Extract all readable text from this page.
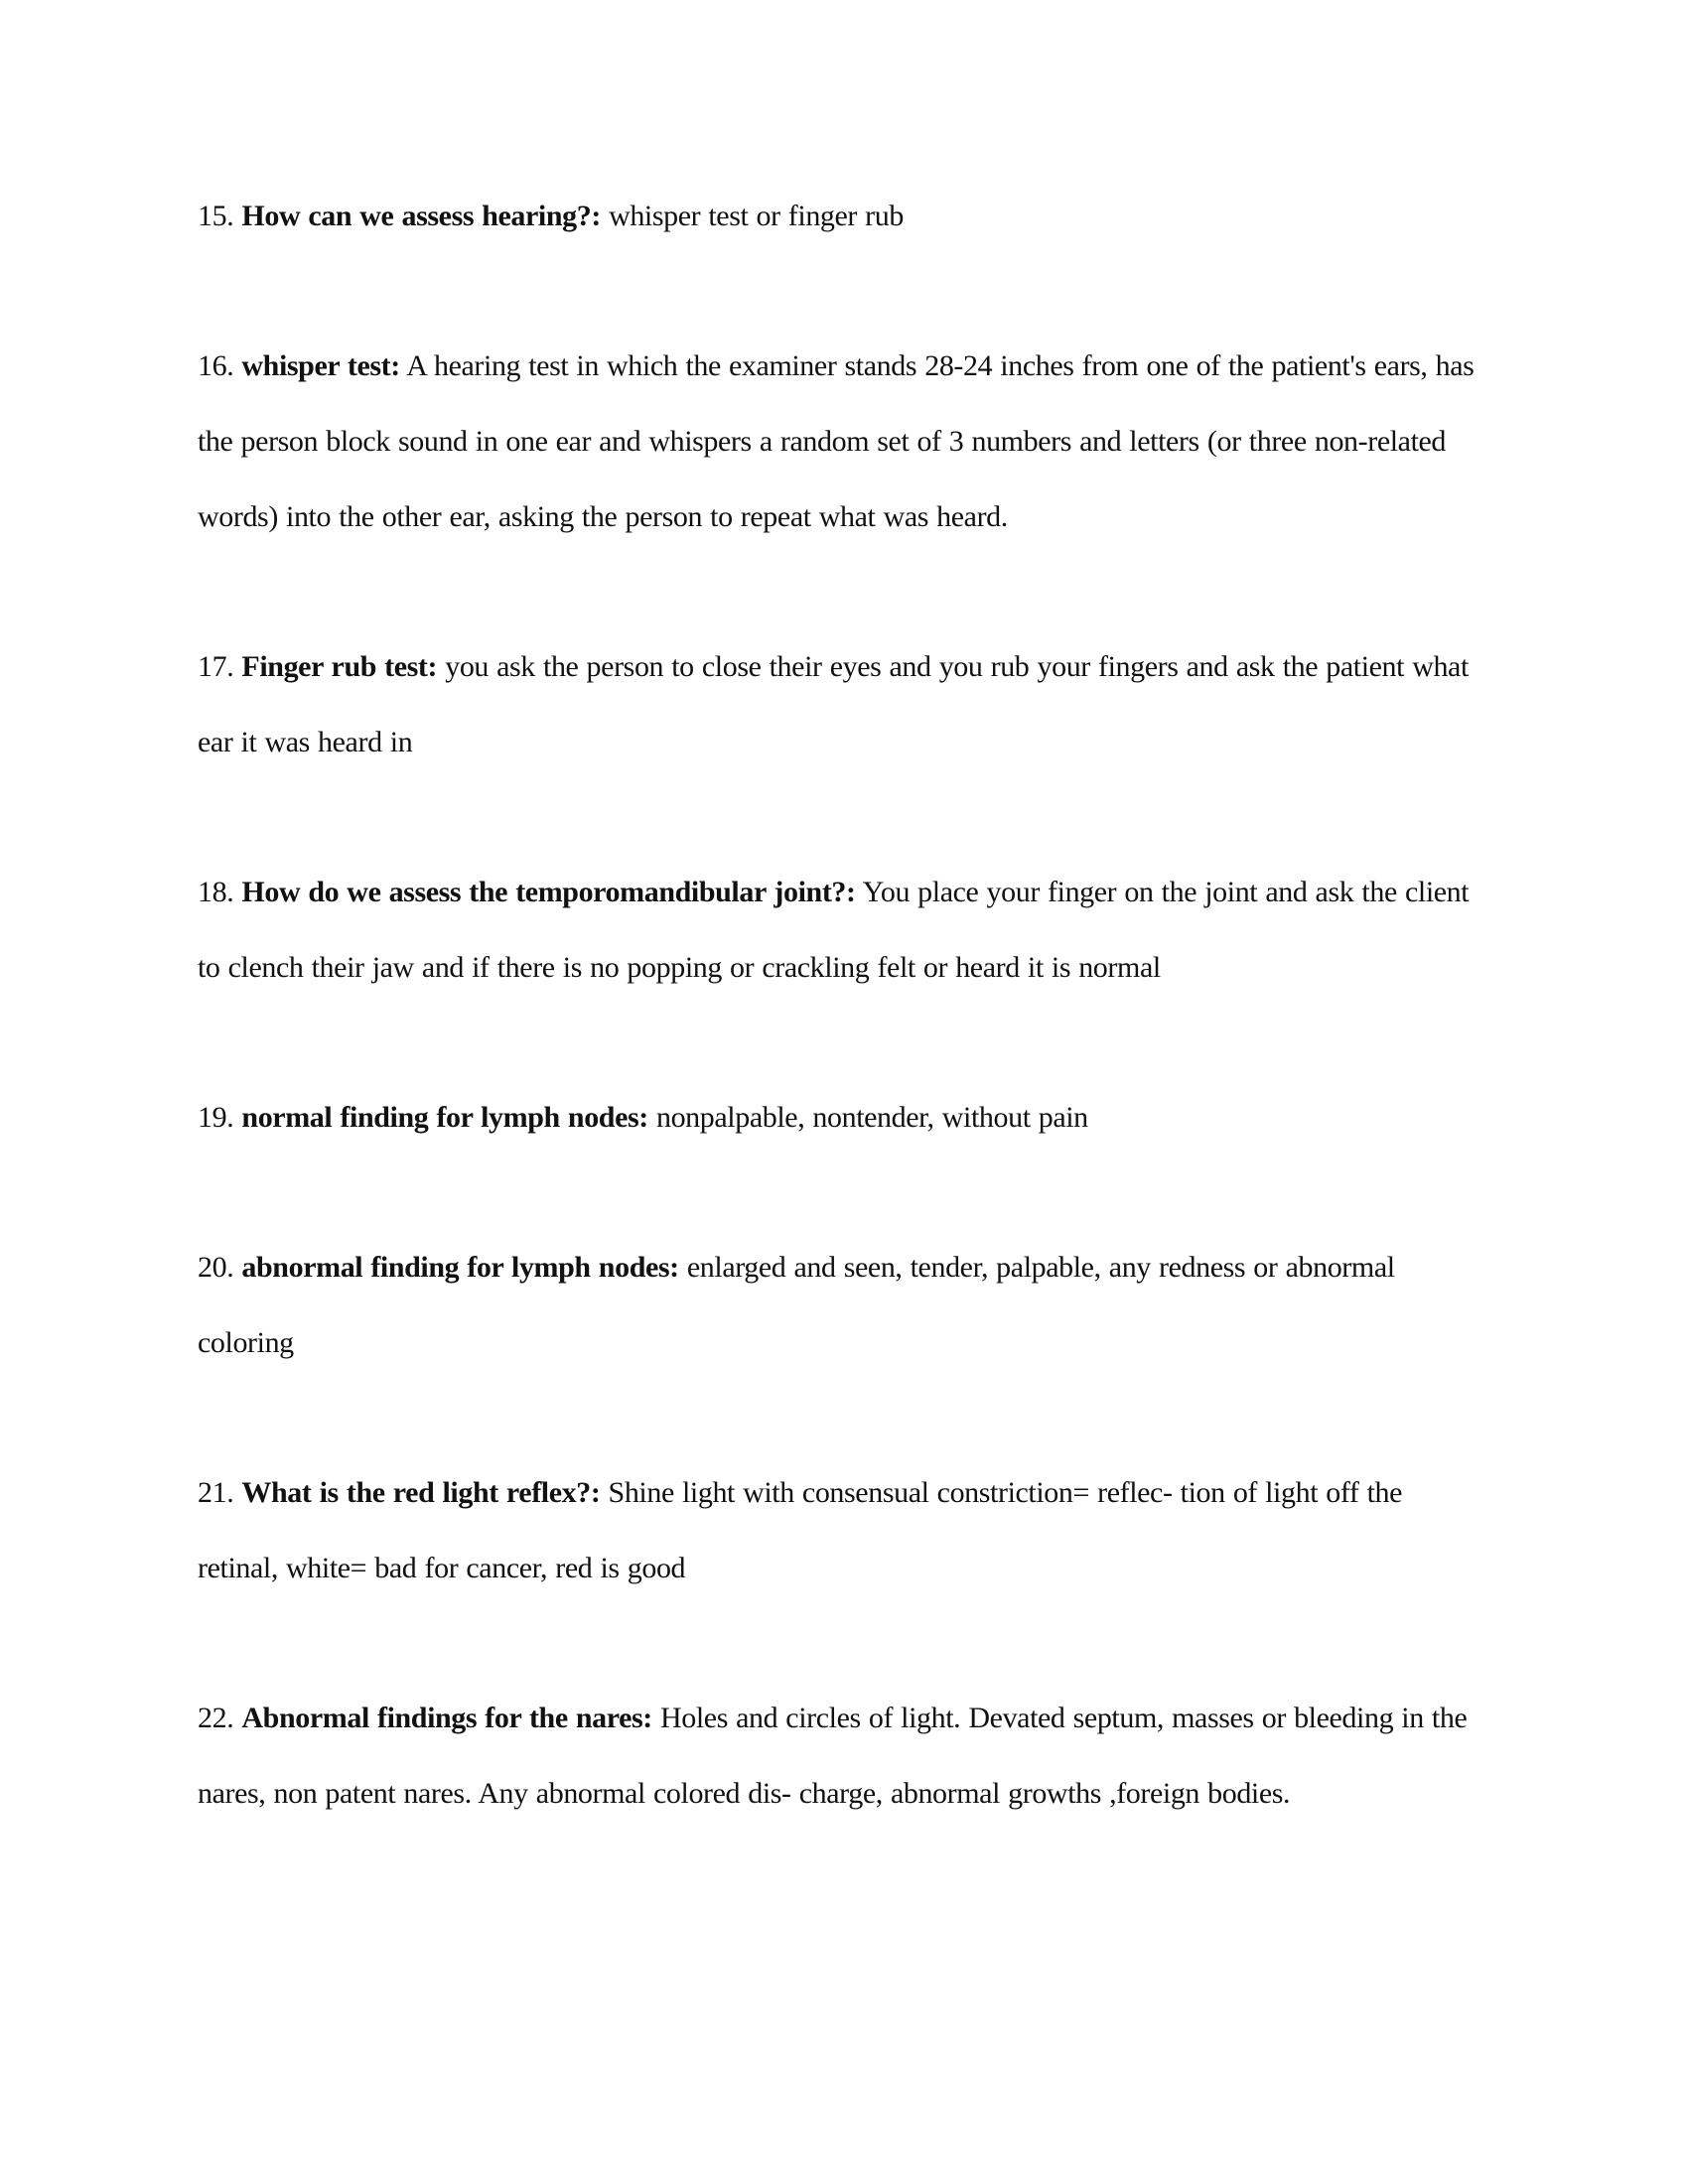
15. How can we assess hearing?: whisper test or finger rub

16. whisper test: A hearing test in which the examiner stands 28-24 inches from one of the patient's ears, has the person block sound in one ear and whispers a random set of 3 numbers and letters (or three non-related words) into the other ear, asking the person to repeat what was heard.

17. Finger rub test: you ask the person to close their eyes and you rub your fingers and ask the patient what ear it was heard in

18. How do we assess the temporomandibular joint?: You place your finger on the joint and ask the client to clench their jaw and if there is no popping or crackling felt or heard it is normal

19. normal finding for lymph nodes: nonpalpable, nontender, without pain

20. abnormal finding for lymph nodes: enlarged and seen, tender, palpable, any redness or abnormal coloring

21. What is the red light reflex?: Shine light with consensual constriction= reflec- tion of light off the retinal, white= bad for cancer, red is good

22. Abnormal findings for the nares: Holes and circles of light. Devated septum, masses or bleeding in the nares, non patent nares. Any abnormal colored dis- charge, abnormal growths ,foreign bodies.
